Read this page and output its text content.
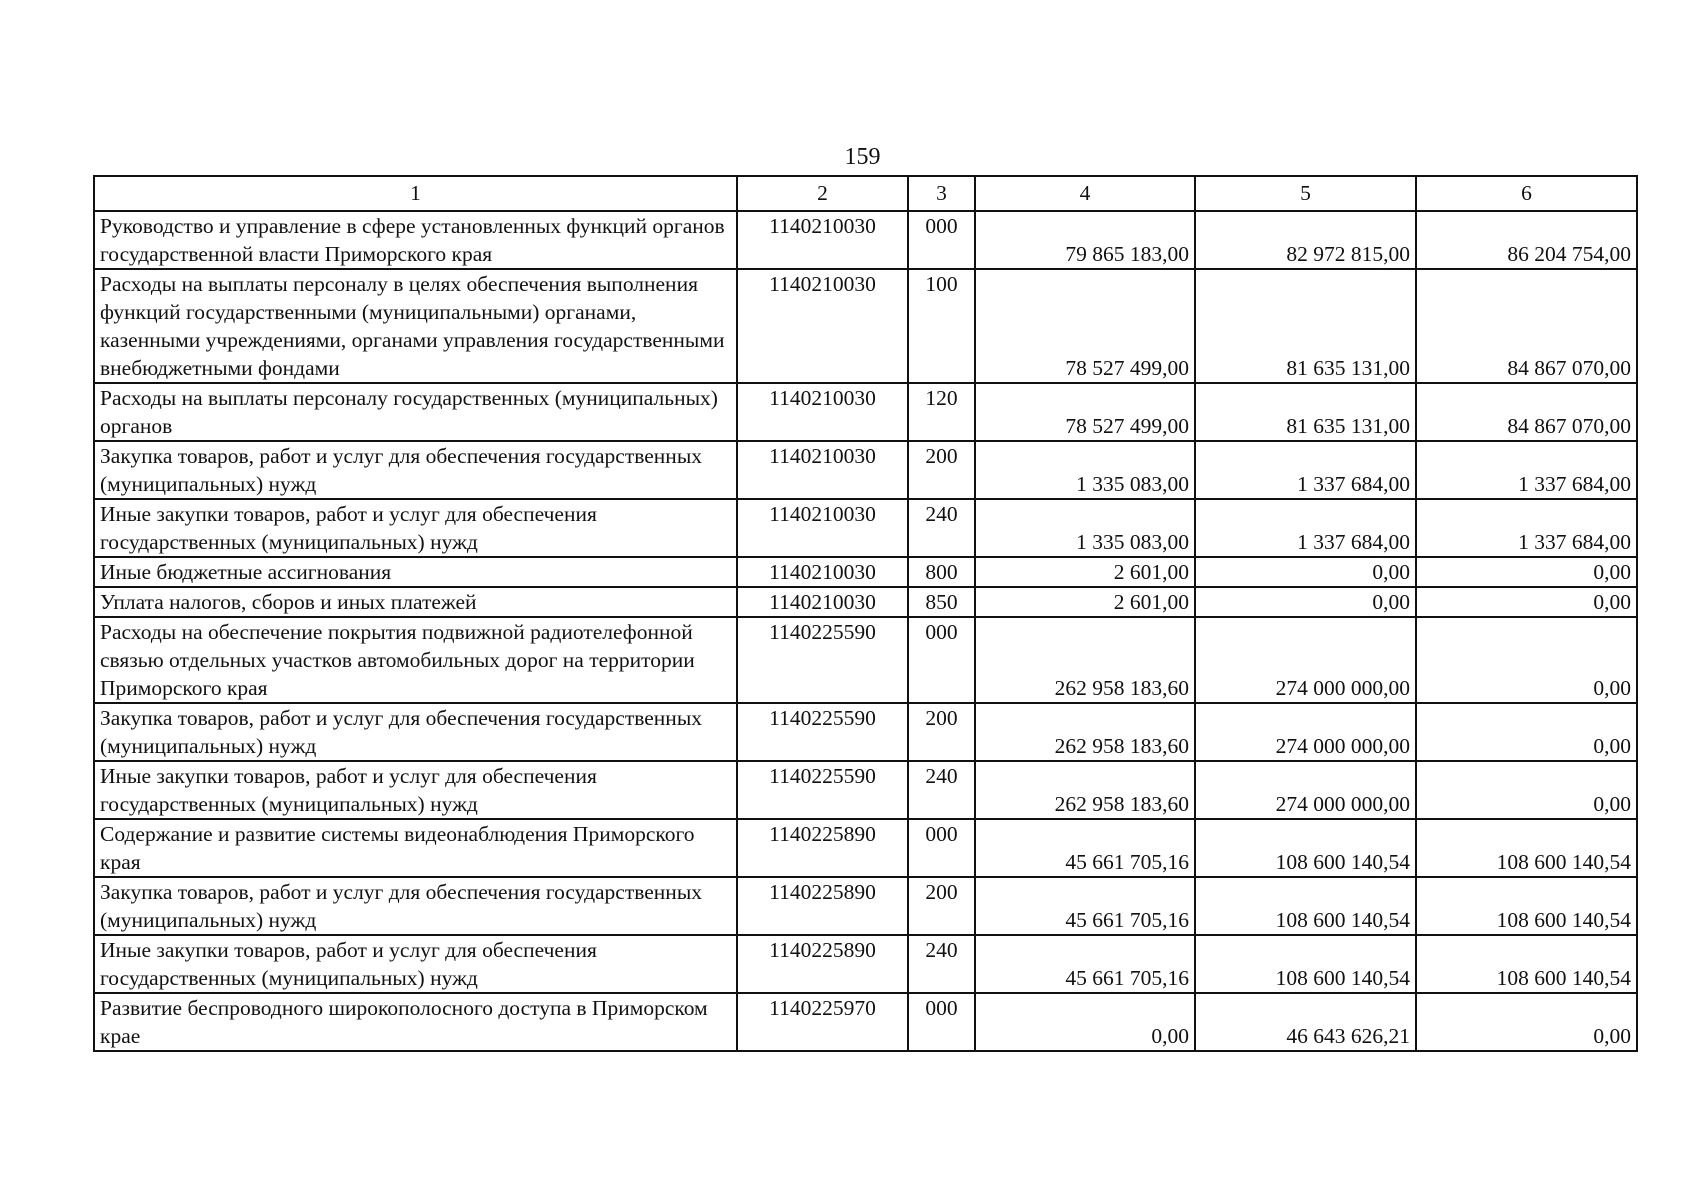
159
1	2	3	4	5	6
Руководство и управление в сфере установленных функций органов государственной власти Приморского края	1140210030	000	79 865 183,00	82 972 815,00	86 204 754,00
Расходы на выплаты персоналу в целях обеспечения выполнения функций государственными (муниципальными) органами, казенными учреждениями, органами управления государственными внебюджетными фондами	1140210030	100	78 527 499,00	81 635 131,00	84 867 070,00
Расходы на выплаты персоналу государственных (муниципальных) органов	1140210030	120	78 527 499,00	81 635 131,00	84 867 070,00
Закупка товаров, работ и услуг для обеспечения государственных (муниципальных) нужд	1140210030	200	1 335 083,00	1 337 684,00	1 337 684,00
Иные закупки товаров, работ и услуг для обеспечения государственных (муниципальных) нужд	1140210030	240	1 335 083,00	1 337 684,00	1 337 684,00
Иные бюджетные ассигнования	1140210030	800	2 601,00	0,00	0,00
Уплата налогов, сборов и иных платежей	1140210030	850	2 601,00	0,00	0,00
Расходы на обеспечение покрытия подвижной радиотелефонной связью отдельных участков автомобильных дорог на территории Приморского края	1140225590	000	262 958 183,60	274 000 000,00	0,00
Закупка товаров, работ и услуг для обеспечения государственных (муниципальных) нужд	1140225590	200	262 958 183,60	274 000 000,00	0,00
Иные закупки товаров, работ и услуг для обеспечения государственных (муниципальных) нужд	1140225590	240	262 958 183,60	274 000 000,00	0,00
Содержание и развитие системы видеонаблюдения Приморского края	1140225890	000	45 661 705,16	108 600 140,54	108 600 140,54
Закупка товаров, работ и услуг для обеспечения государственных (муниципальных) нужд	1140225890	200	45 661 705,16	108 600 140,54	108 600 140,54
Иные закупки товаров, работ и услуг для обеспечения государственных (муниципальных) нужд	1140225890	240	45 661 705,16	108 600 140,54	108 600 140,54
Развитие беспроводного широкополосного доступа в Приморском крае	1140225970	000	0,00	46 643 626,21	0,00
